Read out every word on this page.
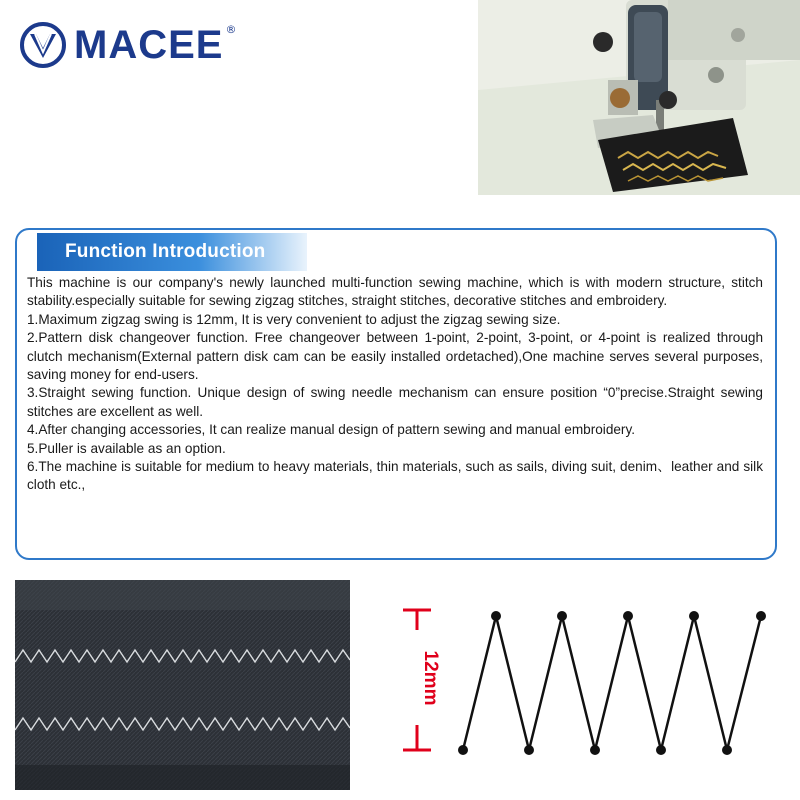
MACEE ®
Function Introduction

This machine is our company's newly launched multi-function sewing machine, which is with modern structure, stitch stability.especially suitable for sewing zigzag stitches, straight stitches, decorative stitches and embroidery.

1.Maximum zigzag swing is 12mm, It is very convenient to adjust the zigzag sewing size.

2.Pattern disk changeover function. Free changeover between 1-point, 2-point, 3-point, or 4-point is realized through clutch mechanism(External pattern disk cam can be easily installed ordetached),One machine serves several purposes, saving money for end-users.

3.Straight sewing function. Unique design of swing needle mechanism can ensure position “0”precise.Straight sewing stitches are excellent as well.

4.After changing accessories, It can realize manual design of pattern sewing and manual embroidery.

5.Puller is available as an option.

6.The machine is suitable for medium to heavy materials, thin materials, such as sails, diving suit, denim、leather and silk cloth etc.,

12mm
